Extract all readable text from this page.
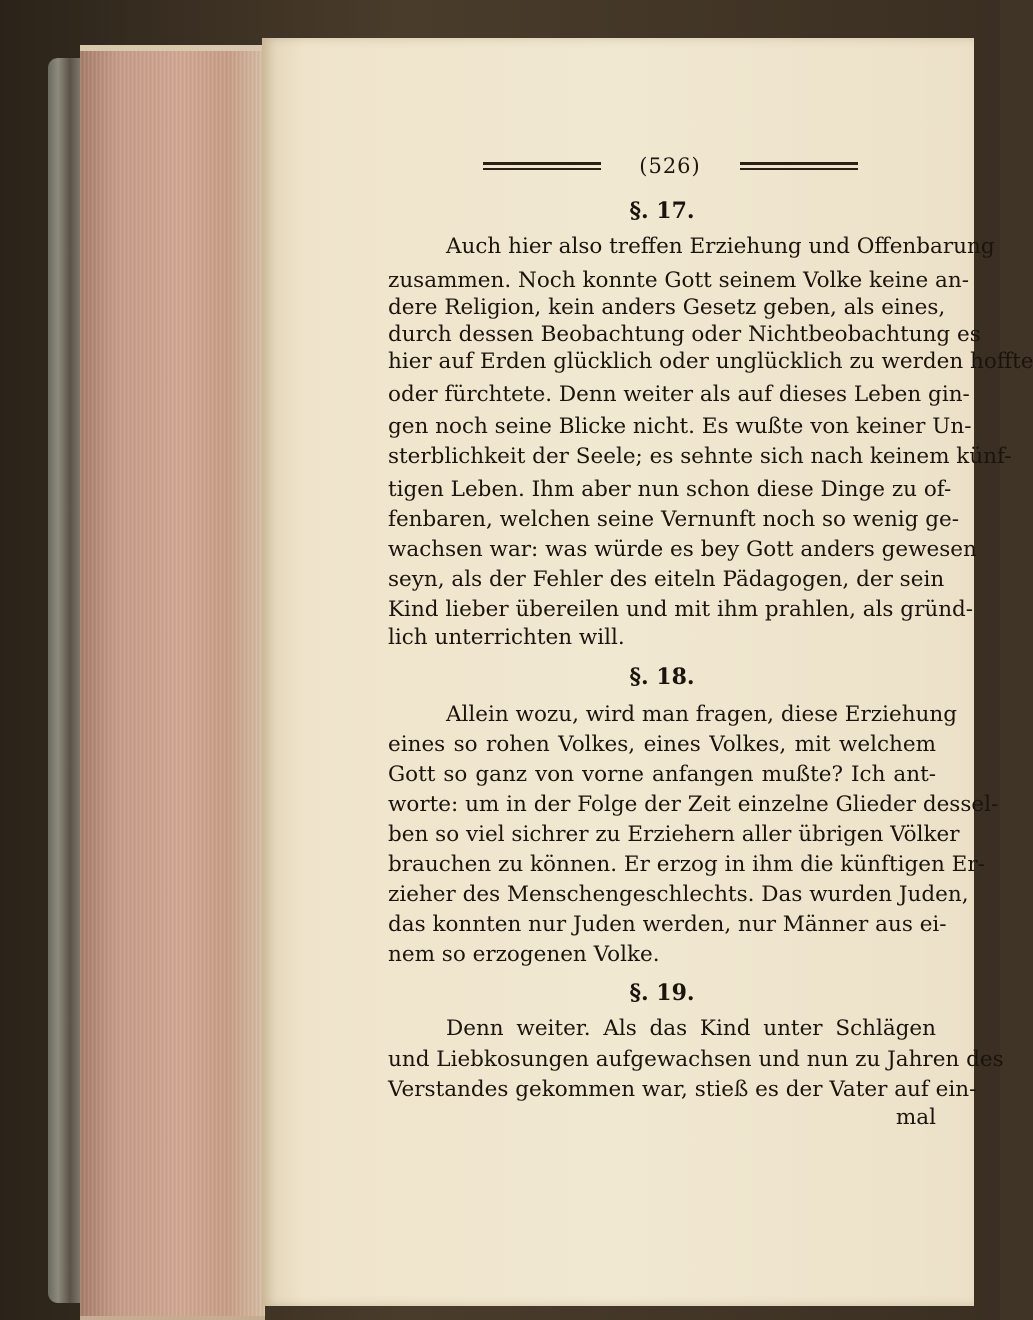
(526)
§. 17.
Auch hier also treffen Erziehung und Offenbarung
zusammen. Noch konnte Gott seinem Volke keine an-
dere Religion, kein anders Gesetz geben, als eines,
durch dessen Beobachtung oder Nichtbeobachtung es
hier auf Erden glücklich oder unglücklich zu werden hoffte
oder fürchtete. Denn weiter als auf dieses Leben gin-
gen noch seine Blicke nicht. Es wußte von keiner Un-
sterblichkeit der Seele; es sehnte sich nach keinem künf-
tigen Leben. Ihm aber nun schon diese Dinge zu of-
fenbaren, welchen seine Vernunft noch so wenig ge-
wachsen war: was würde es bey Gott anders gewesen
seyn, als der Fehler des eiteln Pädagogen, der sein
Kind lieber übereilen und mit ihm prahlen, als gründ-
lich unterrichten will.
§. 18.
Allein wozu, wird man fragen, diese Erziehung
eines so rohen Volkes, eines Volkes, mit welchem
Gott so ganz von vorne anfangen mußte? Ich ant-
worte: um in der Folge der Zeit einzelne Glieder dessel-
ben so viel sichrer zu Erziehern aller übrigen Völker
brauchen zu können. Er erzog in ihm die künftigen Er-
zieher des Menschengeschlechts. Das wurden Juden,
das konnten nur Juden werden, nur Männer aus ei-
nem so erzogenen Volke.
§. 19.
Denn weiter. Als das Kind unter Schlägen
und Liebkosungen aufgewachsen und nun zu Jahren des
Verstandes gekommen war, stieß es der Vater auf ein-
mal
